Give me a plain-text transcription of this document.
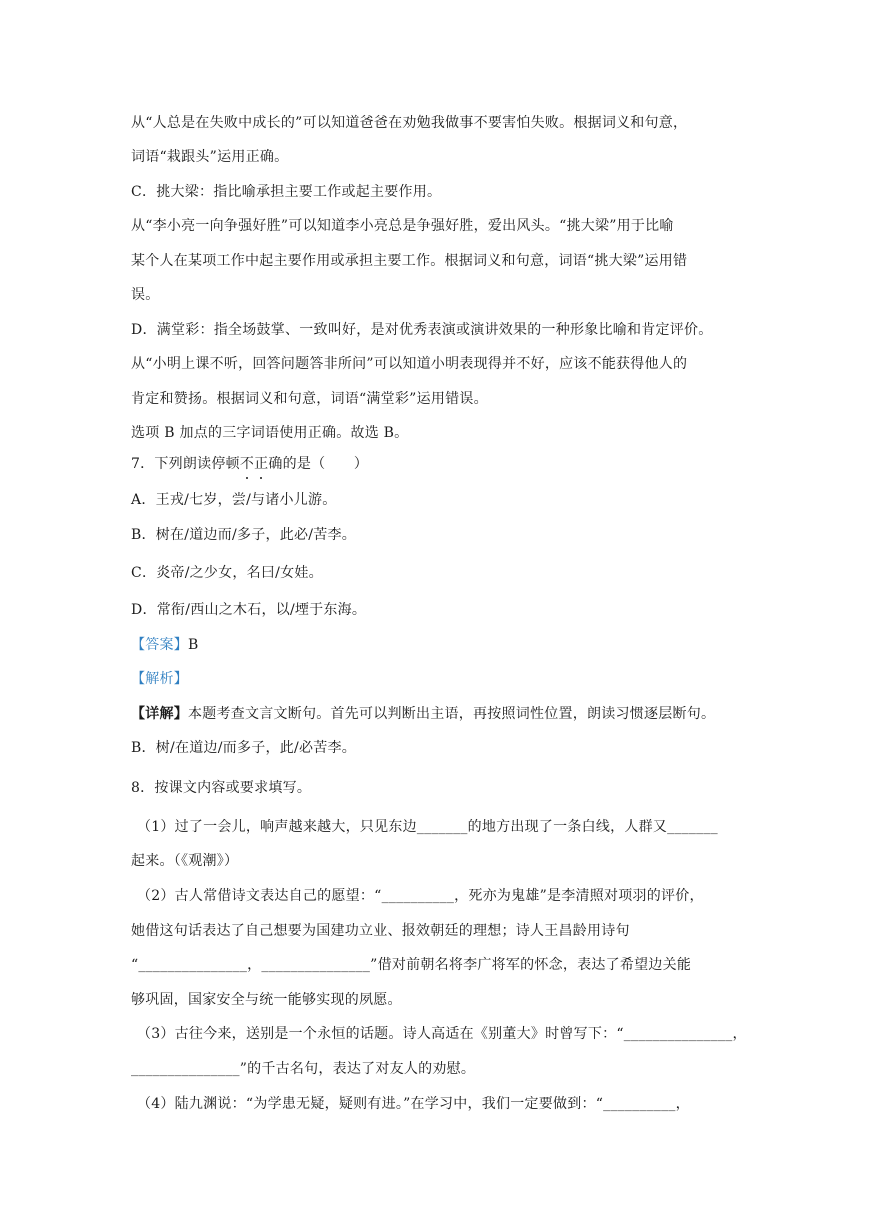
从“人总是在失败中成长的”可以知道爸爸在劝勉我做事不要害怕失败。根据词义和句意，
词语“栽跟头”运用正确。
C．挑大梁：指比喻承担主要工作或起主要作用。
从“李小亮一向争强好胜”可以知道李小亮总是争强好胜，爱出风头。“挑大梁”用于比喻
某个人在某项工作中起主要作用或承担主要工作。根据词义和句意，词语“挑大梁”运用错
误。
D．满堂彩：指全场鼓掌、一致叫好，是对优秀表演或演讲效果的一种形象比喻和肯定评价。
从“小明上课不听，回答问题答非所问”可以知道小明表现得并不好，应该不能获得他人的
肯定和赞扬。根据词义和句意，词语“满堂彩”运用错误。
选项 B 加点的三字词语使用正确。故选 B。
7．下列朗读停顿不正确的是（　　）
A．王戎/七岁，尝/与诸小儿游。
B．树在/道边而/多子，此必/苦李。
C．炎帝/之少女，名曰/女娃。
D．常衔/西山之木石，以/堙于东海。
【答案】B
【解析】
【详解】本题考查文言文断句。首先可以判断出主语，再按照词性位置，朗读习惯逐层断句。
B．树/在道边/而多子，此/必苦李。
8．按课文内容或要求填写。
（1）过了一会儿，响声越来越大，只见东边_______的地方出现了一条白线，人群又_______
起来。（《观潮》）
（2）古人常借诗文表达自己的愿望：“__________，死亦为鬼雄”是李清照对项羽的评价，
她借这句话表达了自己想要为国建功立业、报效朝廷的理想；诗人王昌龄用诗句
“_______________，_______________”借对前朝名将李广将军的怀念，表达了希望边关能
够巩固，国家安全与统一能够实现的夙愿。
（3）古往今来，送别是一个永恒的话题。诗人高适在《别董大》时曾写下：“_______________，
_______________”的千古名句，表达了对友人的劝慰。
（4）陆九渊说：“为学患无疑，疑则有进。”在学习中，我们一定要做到：“__________，
